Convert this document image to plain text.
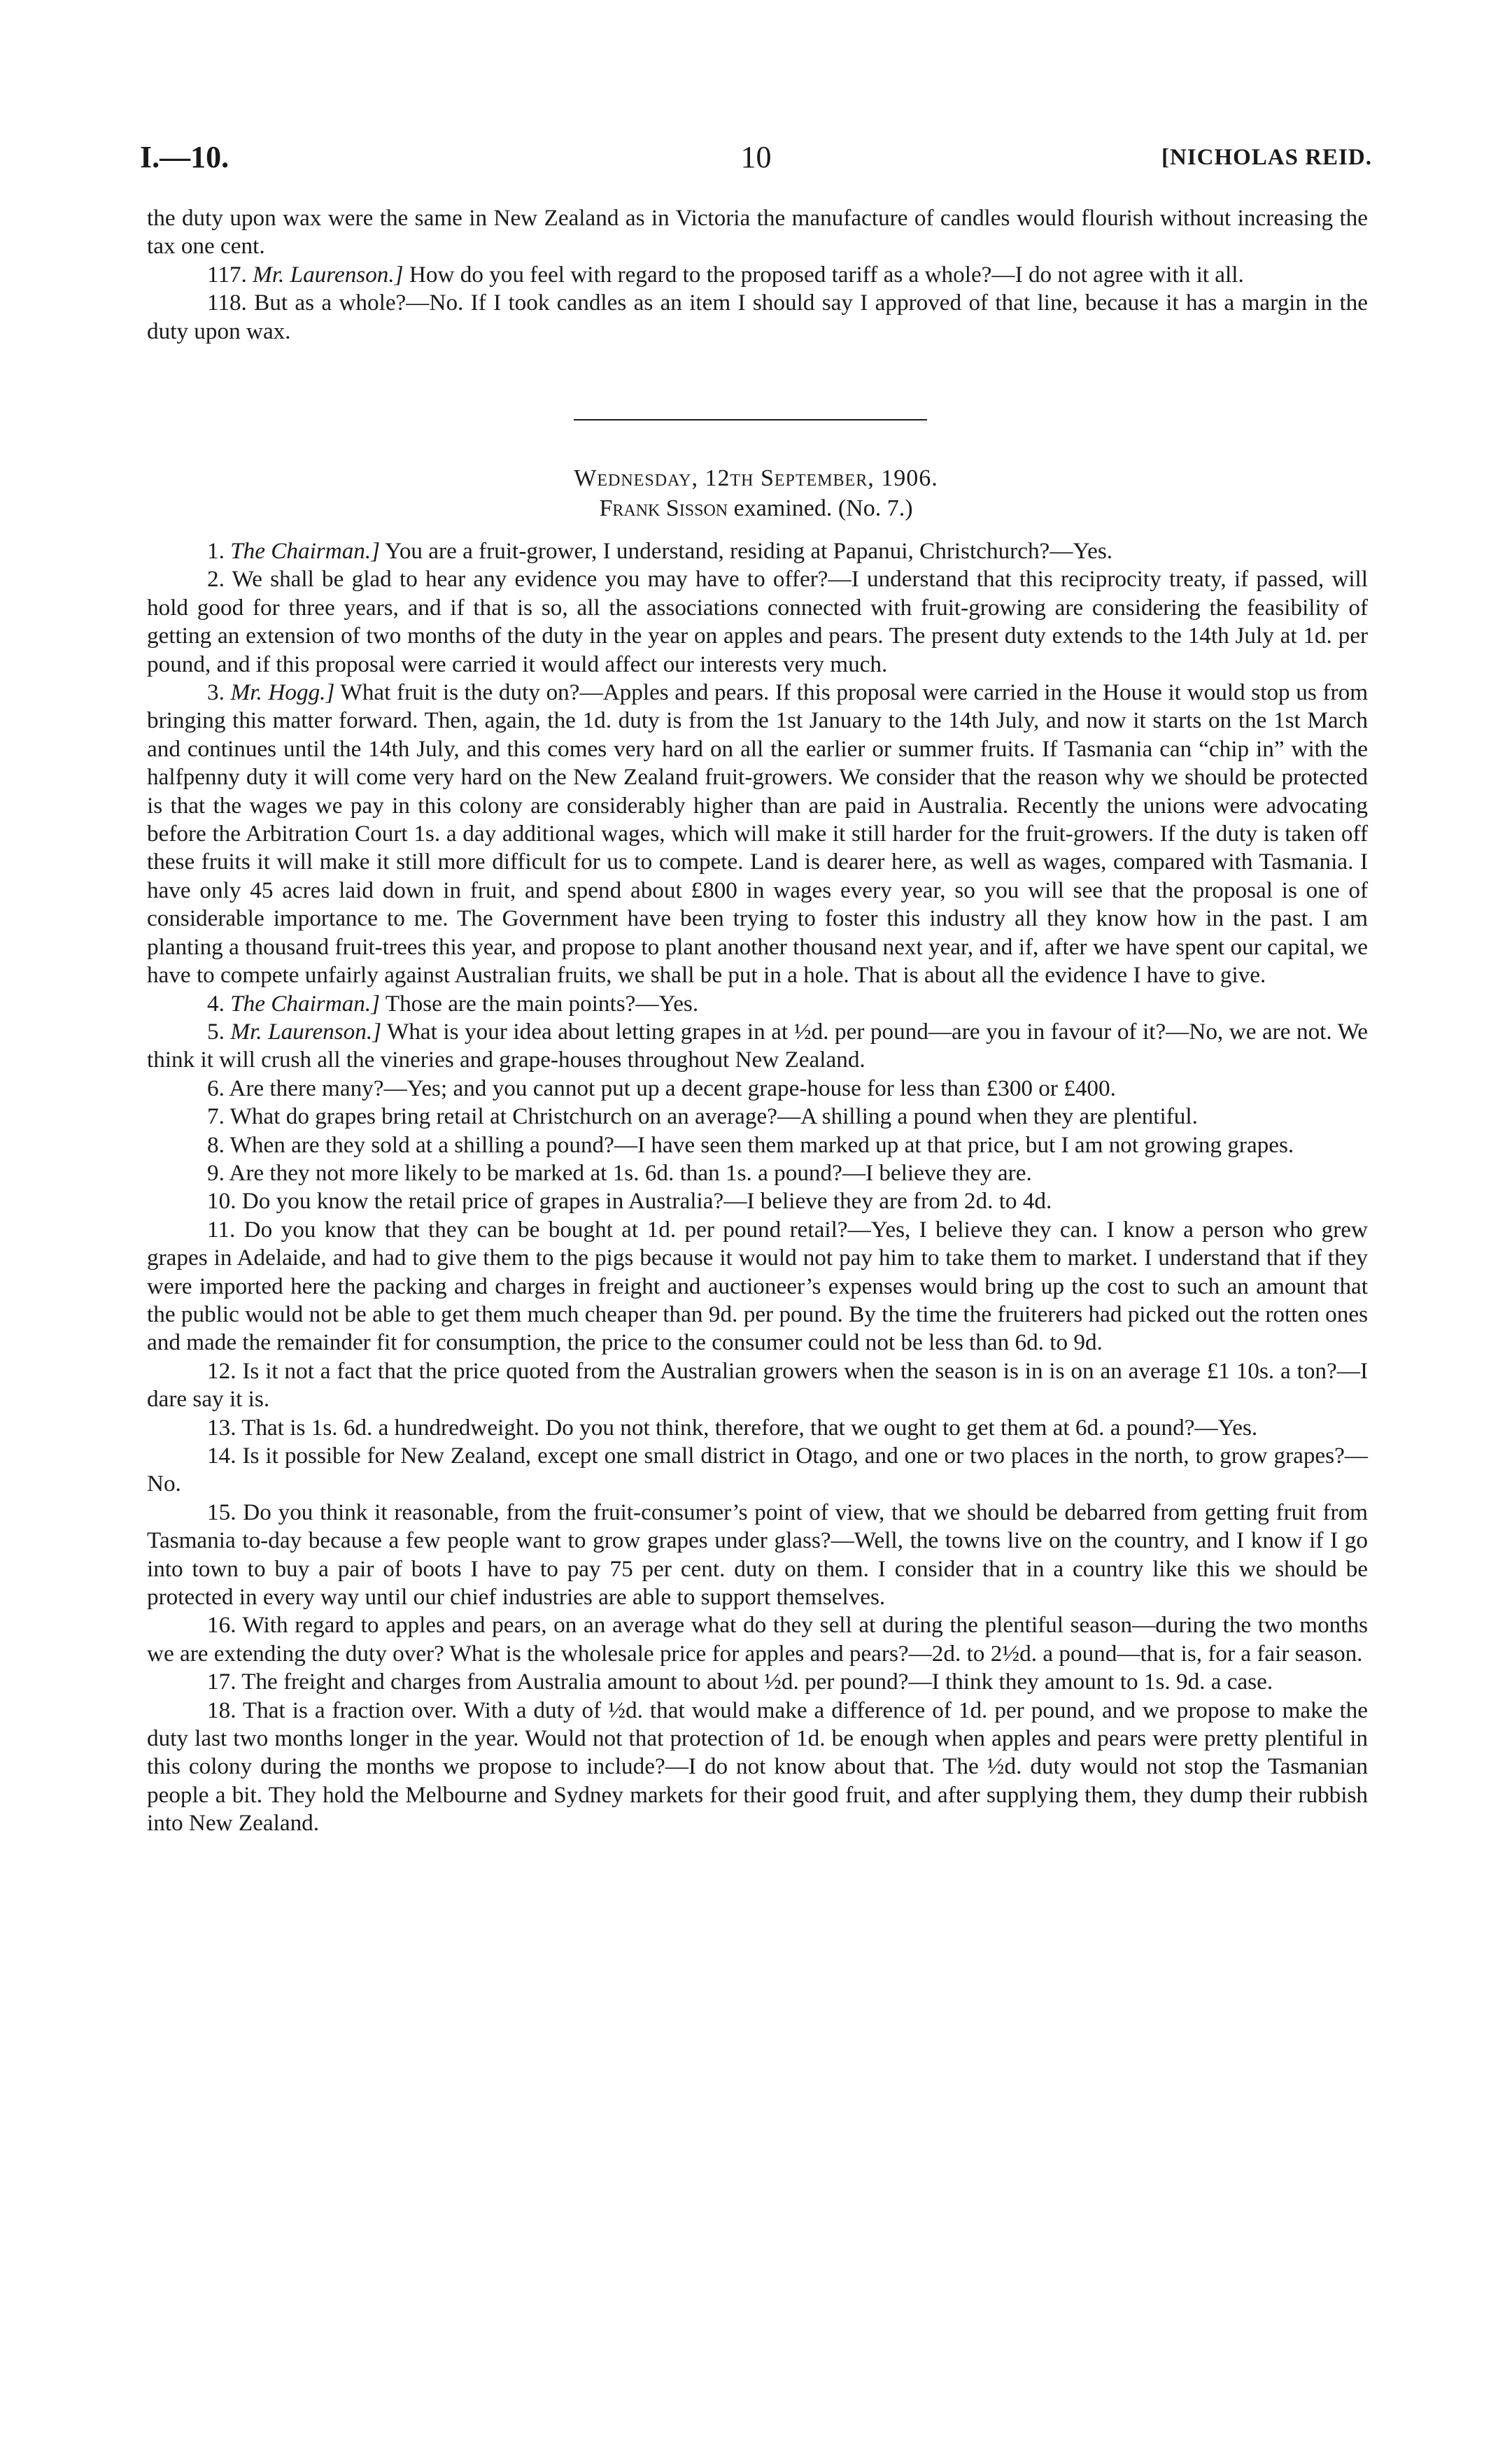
I.—10.	10	[NICHOLAS REID.

the duty upon wax were the same in New Zealand as in Victoria the manufacture of candles would flourish without increasing the tax one cent.

117. Mr. Laurenson.] How do you feel with regard to the proposed tariff as a whole?—I do not agree with it all.

118. But as a whole?—No. If I took candles as an item I should say I approved of that line, because it has a margin in the duty upon wax.

Wednesday, 12th September, 1906.
Frank Sisson examined. (No. 7.)

1. The Chairman.] You are a fruit-grower, I understand, residing at Papanui, Christchurch?—Yes.

2. We shall be glad to hear any evidence you may have to offer?—I understand that this reciprocity treaty, if passed, will hold good for three years, and if that is so, all the associations connected with fruit-growing are considering the feasibility of getting an extension of two months of the duty in the year on apples and pears. The present duty extends to the 14th July at 1d. per pound, and if this proposal were carried it would affect our interests very much.

3. Mr. Hogg.] What fruit is the duty on?—Apples and pears. If this proposal were carried in the House it would stop us from bringing this matter forward. Then, again, the 1d. duty is from the 1st January to the 14th July, and now it starts on the 1st March and continues until the 14th July, and this comes very hard on all the earlier or summer fruits. If Tasmania can “chip in” with the halfpenny duty it will come very hard on the New Zealand fruit-growers. We consider that the reason why we should be protected is that the wages we pay in this colony are considerably higher than are paid in Australia. Recently the unions were advocating before the Arbitration Court 1s. a day additional wages, which will make it still harder for the fruit-growers. If the duty is taken off these fruits it will make it still more difficult for us to compete. Land is dearer here, as well as wages, compared with Tasmania. I have only 45 acres laid down in fruit, and spend about £800 in wages every year, so you will see that the proposal is one of considerable importance to me. The Government have been trying to foster this industry all they know how in the past. I am planting a thousand fruit-trees this year, and propose to plant another thousand next year, and if, after we have spent our capital, we have to compete unfairly against Australian fruits, we shall be put in a hole. That is about all the evidence I have to give.

4. The Chairman.] Those are the main points?—Yes.

5. Mr. Laurenson.] What is your idea about letting grapes in at ½d. per pound—are you in favour of it?—No, we are not. We think it will crush all the vineries and grape-houses throughout New Zealand.

6. Are there many?—Yes; and you cannot put up a decent grape-house for less than £300 or £400.

7. What do grapes bring retail at Christchurch on an average?—A shilling a pound when they are plentiful.

8. When are they sold at a shilling a pound?—I have seen them marked up at that price, but I am not growing grapes.

9. Are they not more likely to be marked at 1s. 6d. than 1s. a pound?—I believe they are.

10. Do you know the retail price of grapes in Australia?—I believe they are from 2d. to 4d.

11. Do you know that they can be bought at 1d. per pound retail?—Yes, I believe they can. I know a person who grew grapes in Adelaide, and had to give them to the pigs because it would not pay him to take them to market. I understand that if they were imported here the packing and charges in freight and auctioneer’s expenses would bring up the cost to such an amount that the public would not be able to get them much cheaper than 9d. per pound. By the time the fruiterers had picked out the rotten ones and made the remainder fit for consumption, the price to the consumer could not be less than 6d. to 9d.

12. Is it not a fact that the price quoted from the Australian growers when the season is in is on an average £1 10s. a ton?—I dare say it is.

13. That is 1s. 6d. a hundredweight. Do you not think, therefore, that we ought to get them at 6d. a pound?—Yes.

14. Is it possible for New Zealand, except one small district in Otago, and one or two places in the north, to grow grapes?—No.

15. Do you think it reasonable, from the fruit-consumer’s point of view, that we should be debarred from getting fruit from Tasmania to-day because a few people want to grow grapes under glass?—Well, the towns live on the country, and I know if I go into town to buy a pair of boots I have to pay 75 per cent. duty on them. I consider that in a country like this we should be protected in every way until our chief industries are able to support themselves.

16. With regard to apples and pears, on an average what do they sell at during the plentiful season—during the two months we are extending the duty over? What is the wholesale price for apples and pears?—2d. to 2½d. a pound—that is, for a fair season.

17. The freight and charges from Australia amount to about ½d. per pound?—I think they amount to 1s. 9d. a case.

18. That is a fraction over. With a duty of ½d. that would make a difference of 1d. per pound, and we propose to make the duty last two months longer in the year. Would not that protection of 1d. be enough when apples and pears were pretty plentiful in this colony during the months we propose to include?—I do not know about that. The ½d. duty would not stop the Tasmanian people a bit. They hold the Melbourne and Sydney markets for their good fruit, and after supplying them, they dump their rubbish into New Zealand.
